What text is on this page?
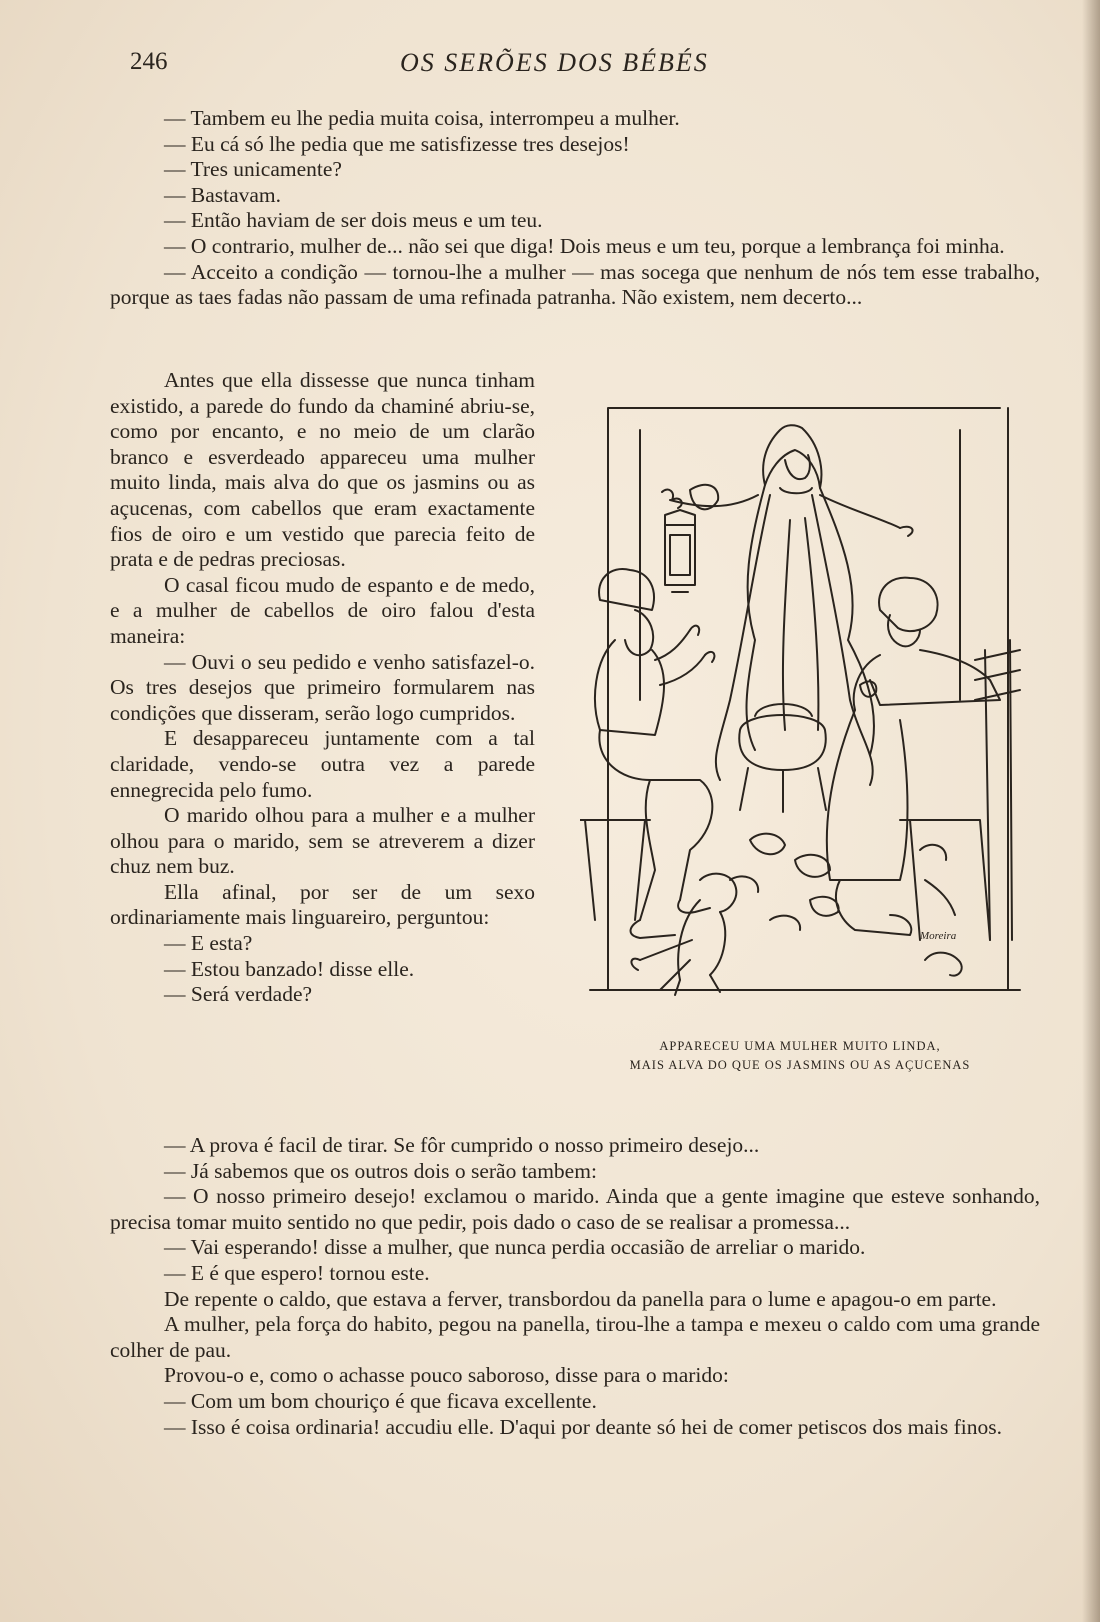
246	OS SERÕES DOS BÉBÉS

— Tambem eu lhe pedia muita coisa, interrompeu a mulher.

— Eu cá só lhe pedia que me satisfizesse tres desejos!

— Tres unicamente?

— Bastavam.

— Então haviam de ser dois meus e um teu.

— O contrario, mulher de... não sei que diga! Dois meus e um teu, porque a lembrança foi minha.

— Acceito a condição — tornou-lhe a mulher — mas socega que nenhum de nós tem esse trabalho, porque as taes fadas não passam de uma refinada patranha. Não existem, nem decerto...

Antes que ella dissesse que nunca tinham existido, a parede do fundo da chaminé abriu-se, como por encanto, e no meio de um clarão branco e esverdeado appareceu uma mulher muito linda, mais alva do que os jasmins ou as açucenas, com cabellos que eram exactamente fios de oiro e um vestido que parecia feito de prata e de pedras preciosas.

O casal ficou mudo de espanto e de medo, e a mulher de cabellos de oiro falou d'esta maneira:

— Ouvi o seu pedido e venho satisfazel-o. Os tres desejos que primeiro formularem nas condições que disseram, serão logo cumpridos.

E desappareceu juntamente com a tal claridade, vendo-se outra vez a parede ennegrecida pelo fumo.

O marido olhou para a mulher e a mulher olhou para o marido, sem se atreverem a dizer chuz nem buz.

Ella afinal, por ser de um sexo ordinariamente mais linguareiro, perguntou:

— E esta?

— Estou banzado! disse elle.

— Será verdade?

Moreira
APPARECEU UMA MULHER MUITO LINDA,
MAIS ALVA DO QUE OS JASMINS OU AS AÇUCENAS

— A prova é facil de tirar. Se fôr cumprido o nosso primeiro desejo...

— Já sabemos que os outros dois o serão tambem:

— O nosso primeiro desejo! exclamou o marido. Ainda que a gente imagine que esteve sonhando, precisa tomar muito sentido no que pedir, pois dado o caso de se realisar a promessa...

— Vai esperando! disse a mulher, que nunca perdia occasião de arreliar o marido.

— E é que espero! tornou este.

De repente o caldo, que estava a ferver, transbordou da panella para o lume e apagou-o em parte.

A mulher, pela força do habito, pegou na panella, tirou-lhe a tampa e mexeu o caldo com uma grande colher de pau.

Provou-o e, como o achasse pouco saboroso, disse para o marido:

— Com um bom chouriço é que ficava excellente.

— Isso é coisa ordinaria! accudiu elle. D'aqui por deante só hei de comer petiscos dos mais finos.
